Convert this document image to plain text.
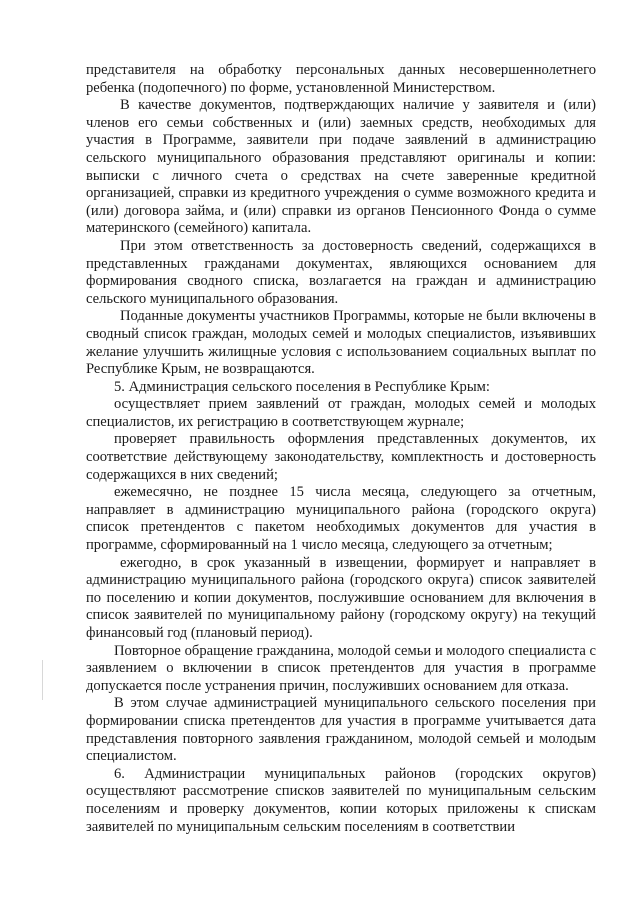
представителя на обработку персональных данных несовершеннолетнего ребенка (подопечного) по форме, установленной Министерством.

В качестве документов, подтверждающих наличие у заявителя и (или) членов его семьи собственных и (или) заемных средств, необходимых для участия в Программе, заявители при подаче заявлений в администрацию сельского муниципального образования представляют оригиналы и копии: выписки с личного счета о средствах на счете заверенные кредитной организацией, справки из кредитного учреждения о сумме возможного кредита и (или) договора займа, и (или) справки из органов Пенсионного Фонда о сумме материнского (семейного) капитала.

При этом ответственность за достоверность сведений, содержащихся в представленных гражданами документах, являющихся основанием для формирования сводного списка, возлагается на граждан и администрацию сельского муниципального образования.

Поданные документы участников Программы, которые не были включены в сводный список граждан, молодых семей и молодых специалистов, изъявивших желание улучшить жилищные условия с использованием социальных выплат по Республике Крым, не возвращаются.

5. Администрация сельского поселения в Республике Крым:

осуществляет прием заявлений от граждан, молодых семей и молодых специалистов, их регистрацию в соответствующем журнале;

проверяет правильность оформления представленных документов, их соответствие действующему законодательству, комплектность и достоверность содержащихся в них сведений;

ежемесячно, не позднее 15 числа месяца, следующего за отчетным, направляет в администрацию муниципального района (городского округа) список претендентов с пакетом необходимых документов для участия в программе, сформированный на 1 число месяца, следующего за отчетным;

ежегодно, в срок указанный в извещении, формирует и направляет в администрацию муниципального района (городского округа) список заявителей по поселению и копии документов, послужившие основанием для включения в список заявителей по муниципальному району (городскому округу) на текущий финансовый год (плановый период).

Повторное обращение гражданина, молодой семьи и молодого специалиста с заявлением о включении в список претендентов для участия в программе допускается после устранения причин, послуживших основанием для отказа.

В этом случае администрацией муниципального сельского поселения при формировании списка претендентов для участия в программе учитывается дата представления повторного заявления гражданином, молодой семьей и молодым специалистом.

6. Администрации муниципальных районов (городских округов) осуществляют рассмотрение списков заявителей по муниципальным сельским поселениям и проверку документов, копии которых приложены к спискам заявителей по муниципальным сельским поселениям в соответствии
